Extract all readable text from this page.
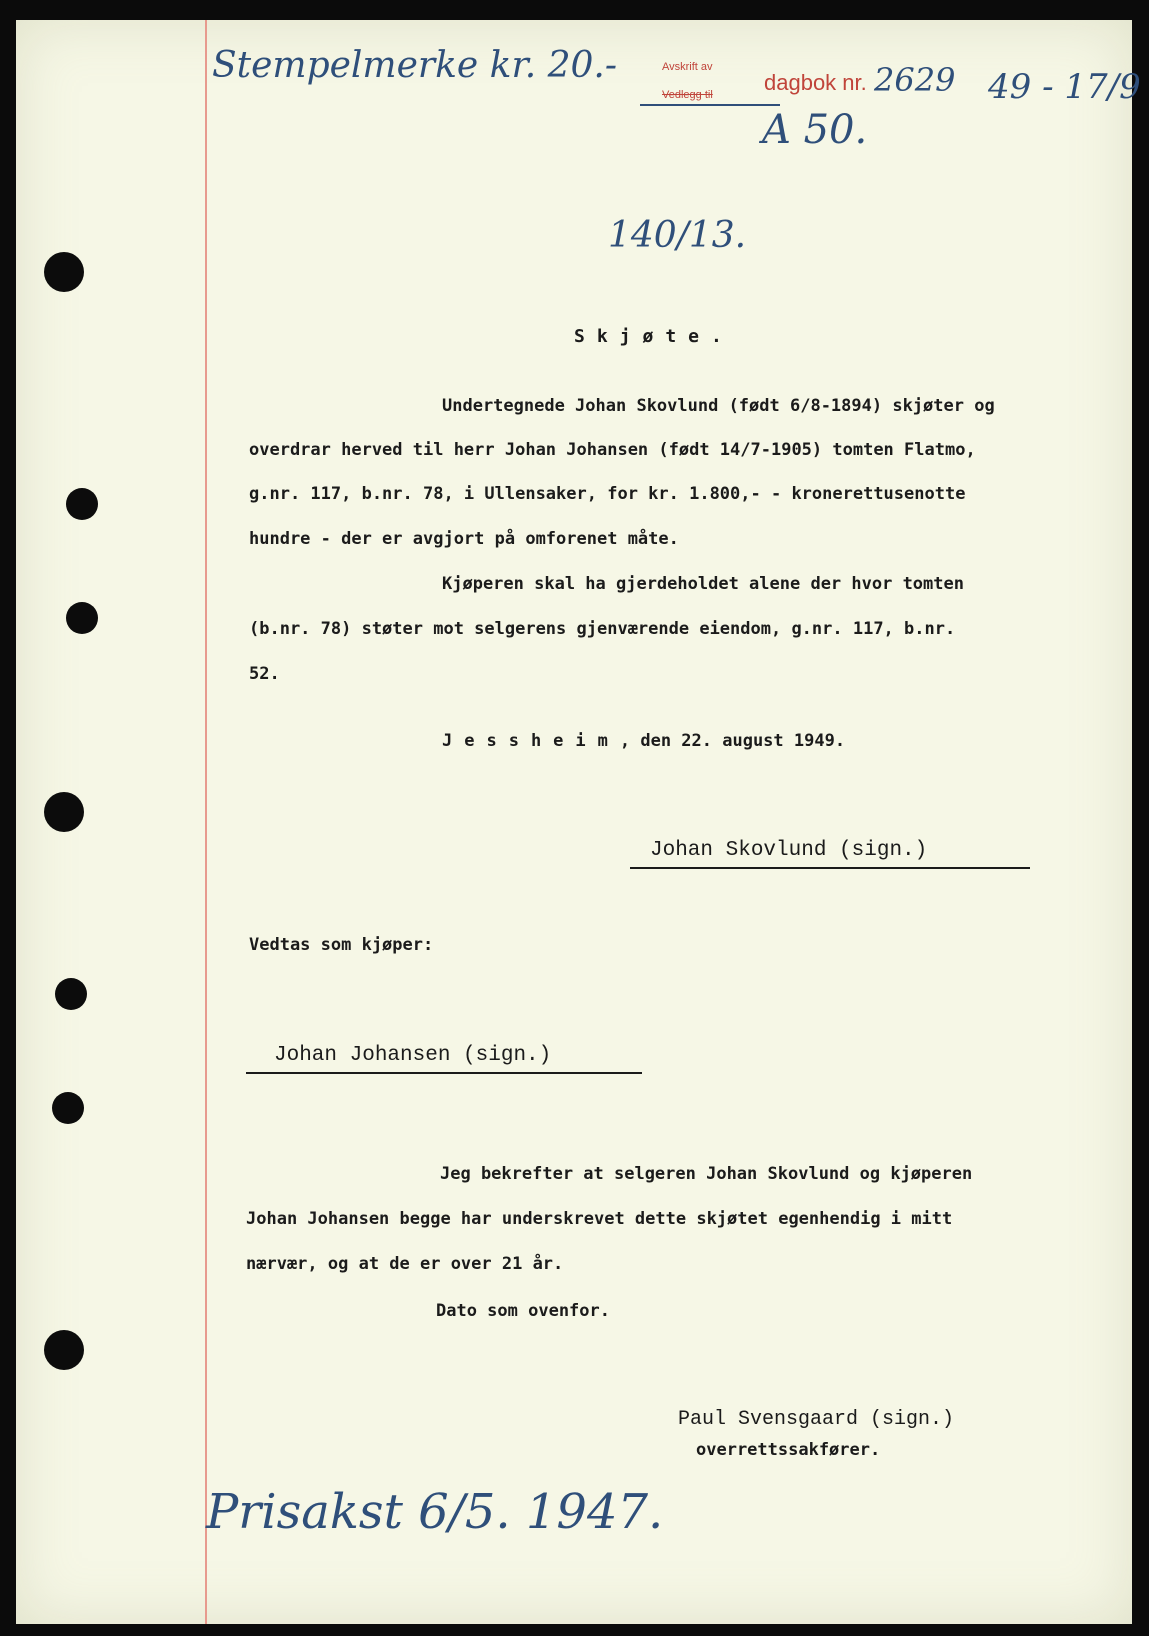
Stempelmerke kr. 20.-	Avskrift av

Vedlegg til dagbok nr. 2629 49 - 17/9

A 50.

140/13.

Skjøte.

Undertegnede Johan Skovlund (født 6/8-1894) skjøter og

overdrar herved til herr Johan Johansen (født 14/7-1905) tomten Flatmo,

g.nr. 117, b.nr. 78, i Ullensaker, for kr. 1.800,- - kronerettusenotte

hundre - der er avgjort på omforenet måte.

Kjøperen skal ha gjerdeholdet alene der hvor tomten

(b.nr. 78) støter mot selgerens gjenværende eiendom, g.nr. 117, b.nr.

52.

Jessheim, den 22. august 1949.

Johan Skovlund (sign.)

Vedtas som kjøper:

Johan Johansen (sign.)

Jeg bekrefter at selgeren Johan Skovlund og kjøperen

Johan Johansen begge har underskrevet dette skjøtet egenhendig i mitt

nærvær, og at de er over 21 år.

Dato som ovenfor.

Paul Svensgaard (sign.)

overrettssakfører.

Prisakst 6/5. 1947.
